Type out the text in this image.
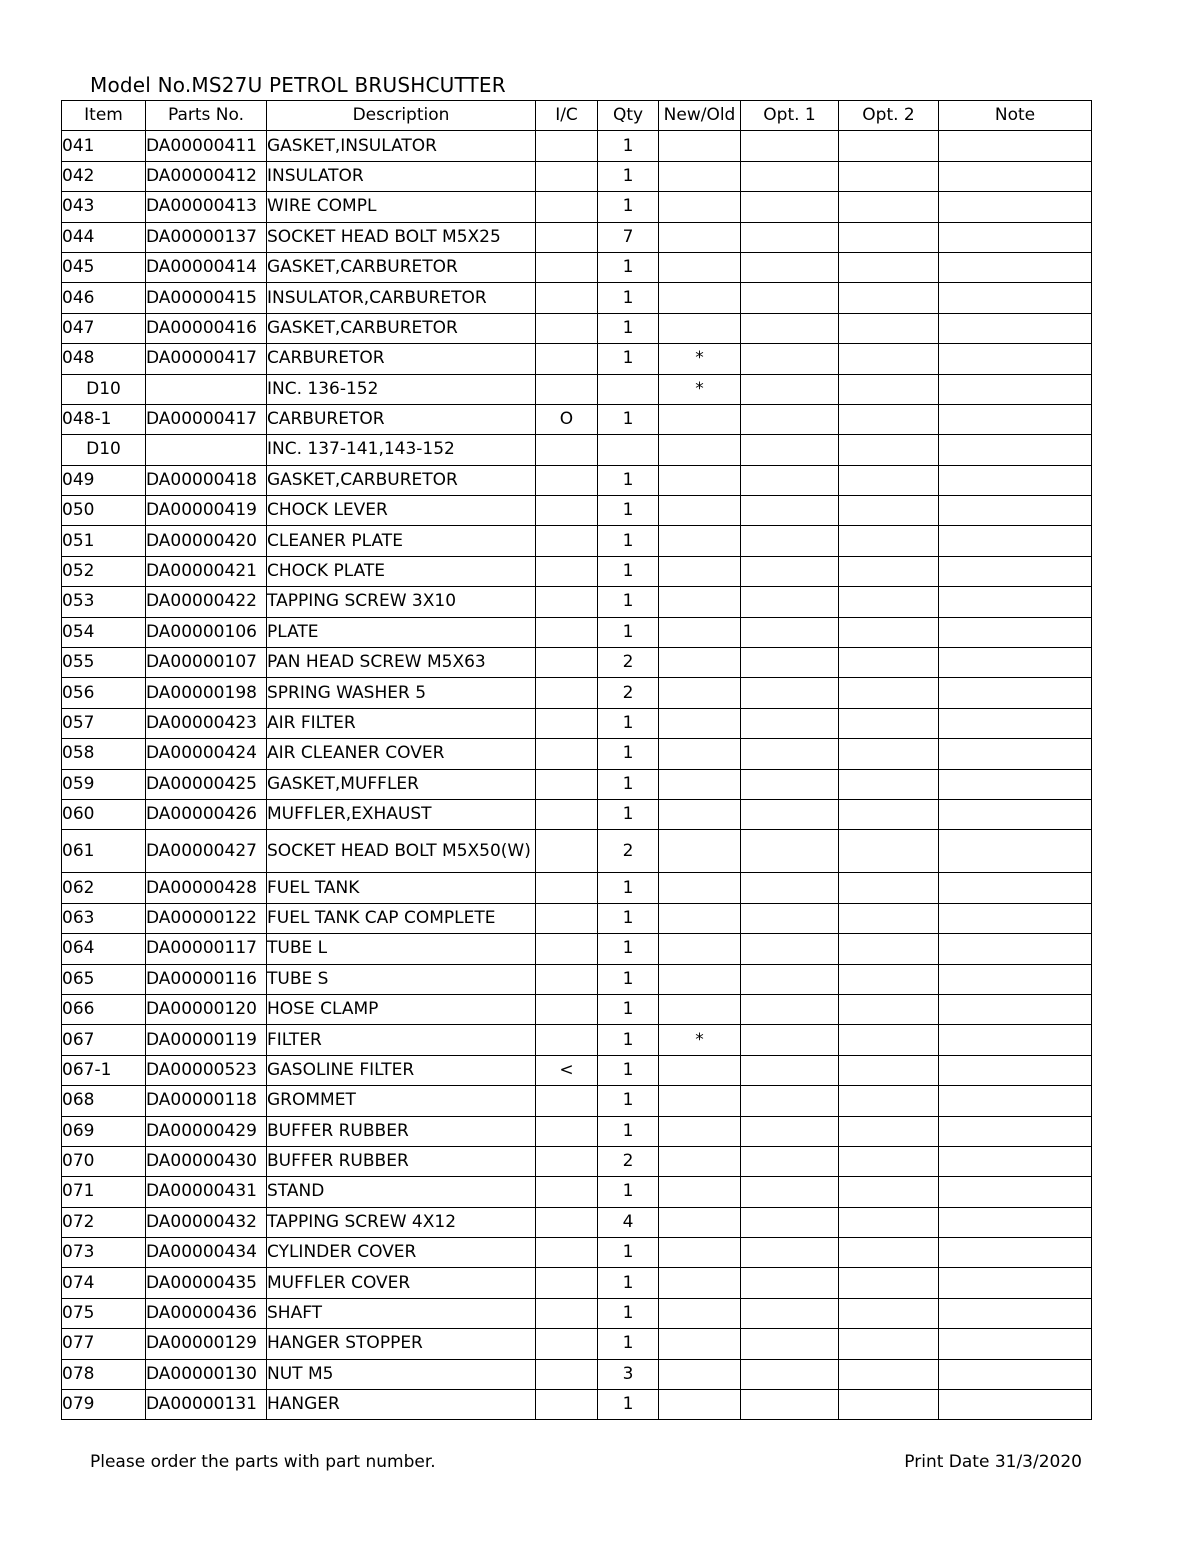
Model No.MS27U PETROL BRUSHCUTTER
Item	Parts No.	Description	I/C	Qty	New/Old	Opt. 1	Opt. 2	Note
041	DA00000411	GASKET,INSULATOR		1				
042	DA00000412	INSULATOR		1				
043	DA00000413	WIRE COMPL		1				
044	DA00000137	SOCKET HEAD BOLT M5X25		7				
045	DA00000414	GASKET,CARBURETOR		1				
046	DA00000415	INSULATOR,CARBURETOR		1				
047	DA00000416	GASKET,CARBURETOR		1				
048	DA00000417	CARBURETOR		1	*			
D10		INC. 136-152			*			
048-1	DA00000417	CARBURETOR	O	1				
D10		INC. 137-141,143-152						
049	DA00000418	GASKET,CARBURETOR		1				
050	DA00000419	CHOCK LEVER		1				
051	DA00000420	CLEANER PLATE		1				
052	DA00000421	CHOCK PLATE		1				
053	DA00000422	TAPPING SCREW 3X10		1				
054	DA00000106	PLATE		1				
055	DA00000107	PAN HEAD SCREW M5X63		2				
056	DA00000198	SPRING WASHER 5		2				
057	DA00000423	AIR FILTER		1				
058	DA00000424	AIR CLEANER COVER		1				
059	DA00000425	GASKET,MUFFLER		1				
060	DA00000426	MUFFLER,EXHAUST		1				
061	DA00000427	SOCKET HEAD BOLT M5X50(W)		2				
062	DA00000428	FUEL TANK		1				
063	DA00000122	FUEL TANK CAP COMPLETE		1				
064	DA00000117	TUBE L		1				
065	DA00000116	TUBE S		1				
066	DA00000120	HOSE CLAMP		1				
067	DA00000119	FILTER		1	*			
067-1	DA00000523	GASOLINE FILTER	<	1				
068	DA00000118	GROMMET		1				
069	DA00000429	BUFFER RUBBER		1				
070	DA00000430	BUFFER RUBBER		2				
071	DA00000431	STAND		1				
072	DA00000432	TAPPING SCREW 4X12		4				
073	DA00000434	CYLINDER COVER		1				
074	DA00000435	MUFFLER COVER		1				
075	DA00000436	SHAFT		1				
077	DA00000129	HANGER STOPPER		1				
078	DA00000130	NUT M5		3				
079	DA00000131	HANGER		1				
Please order the parts with part number.	Print Date 31/3/2020
